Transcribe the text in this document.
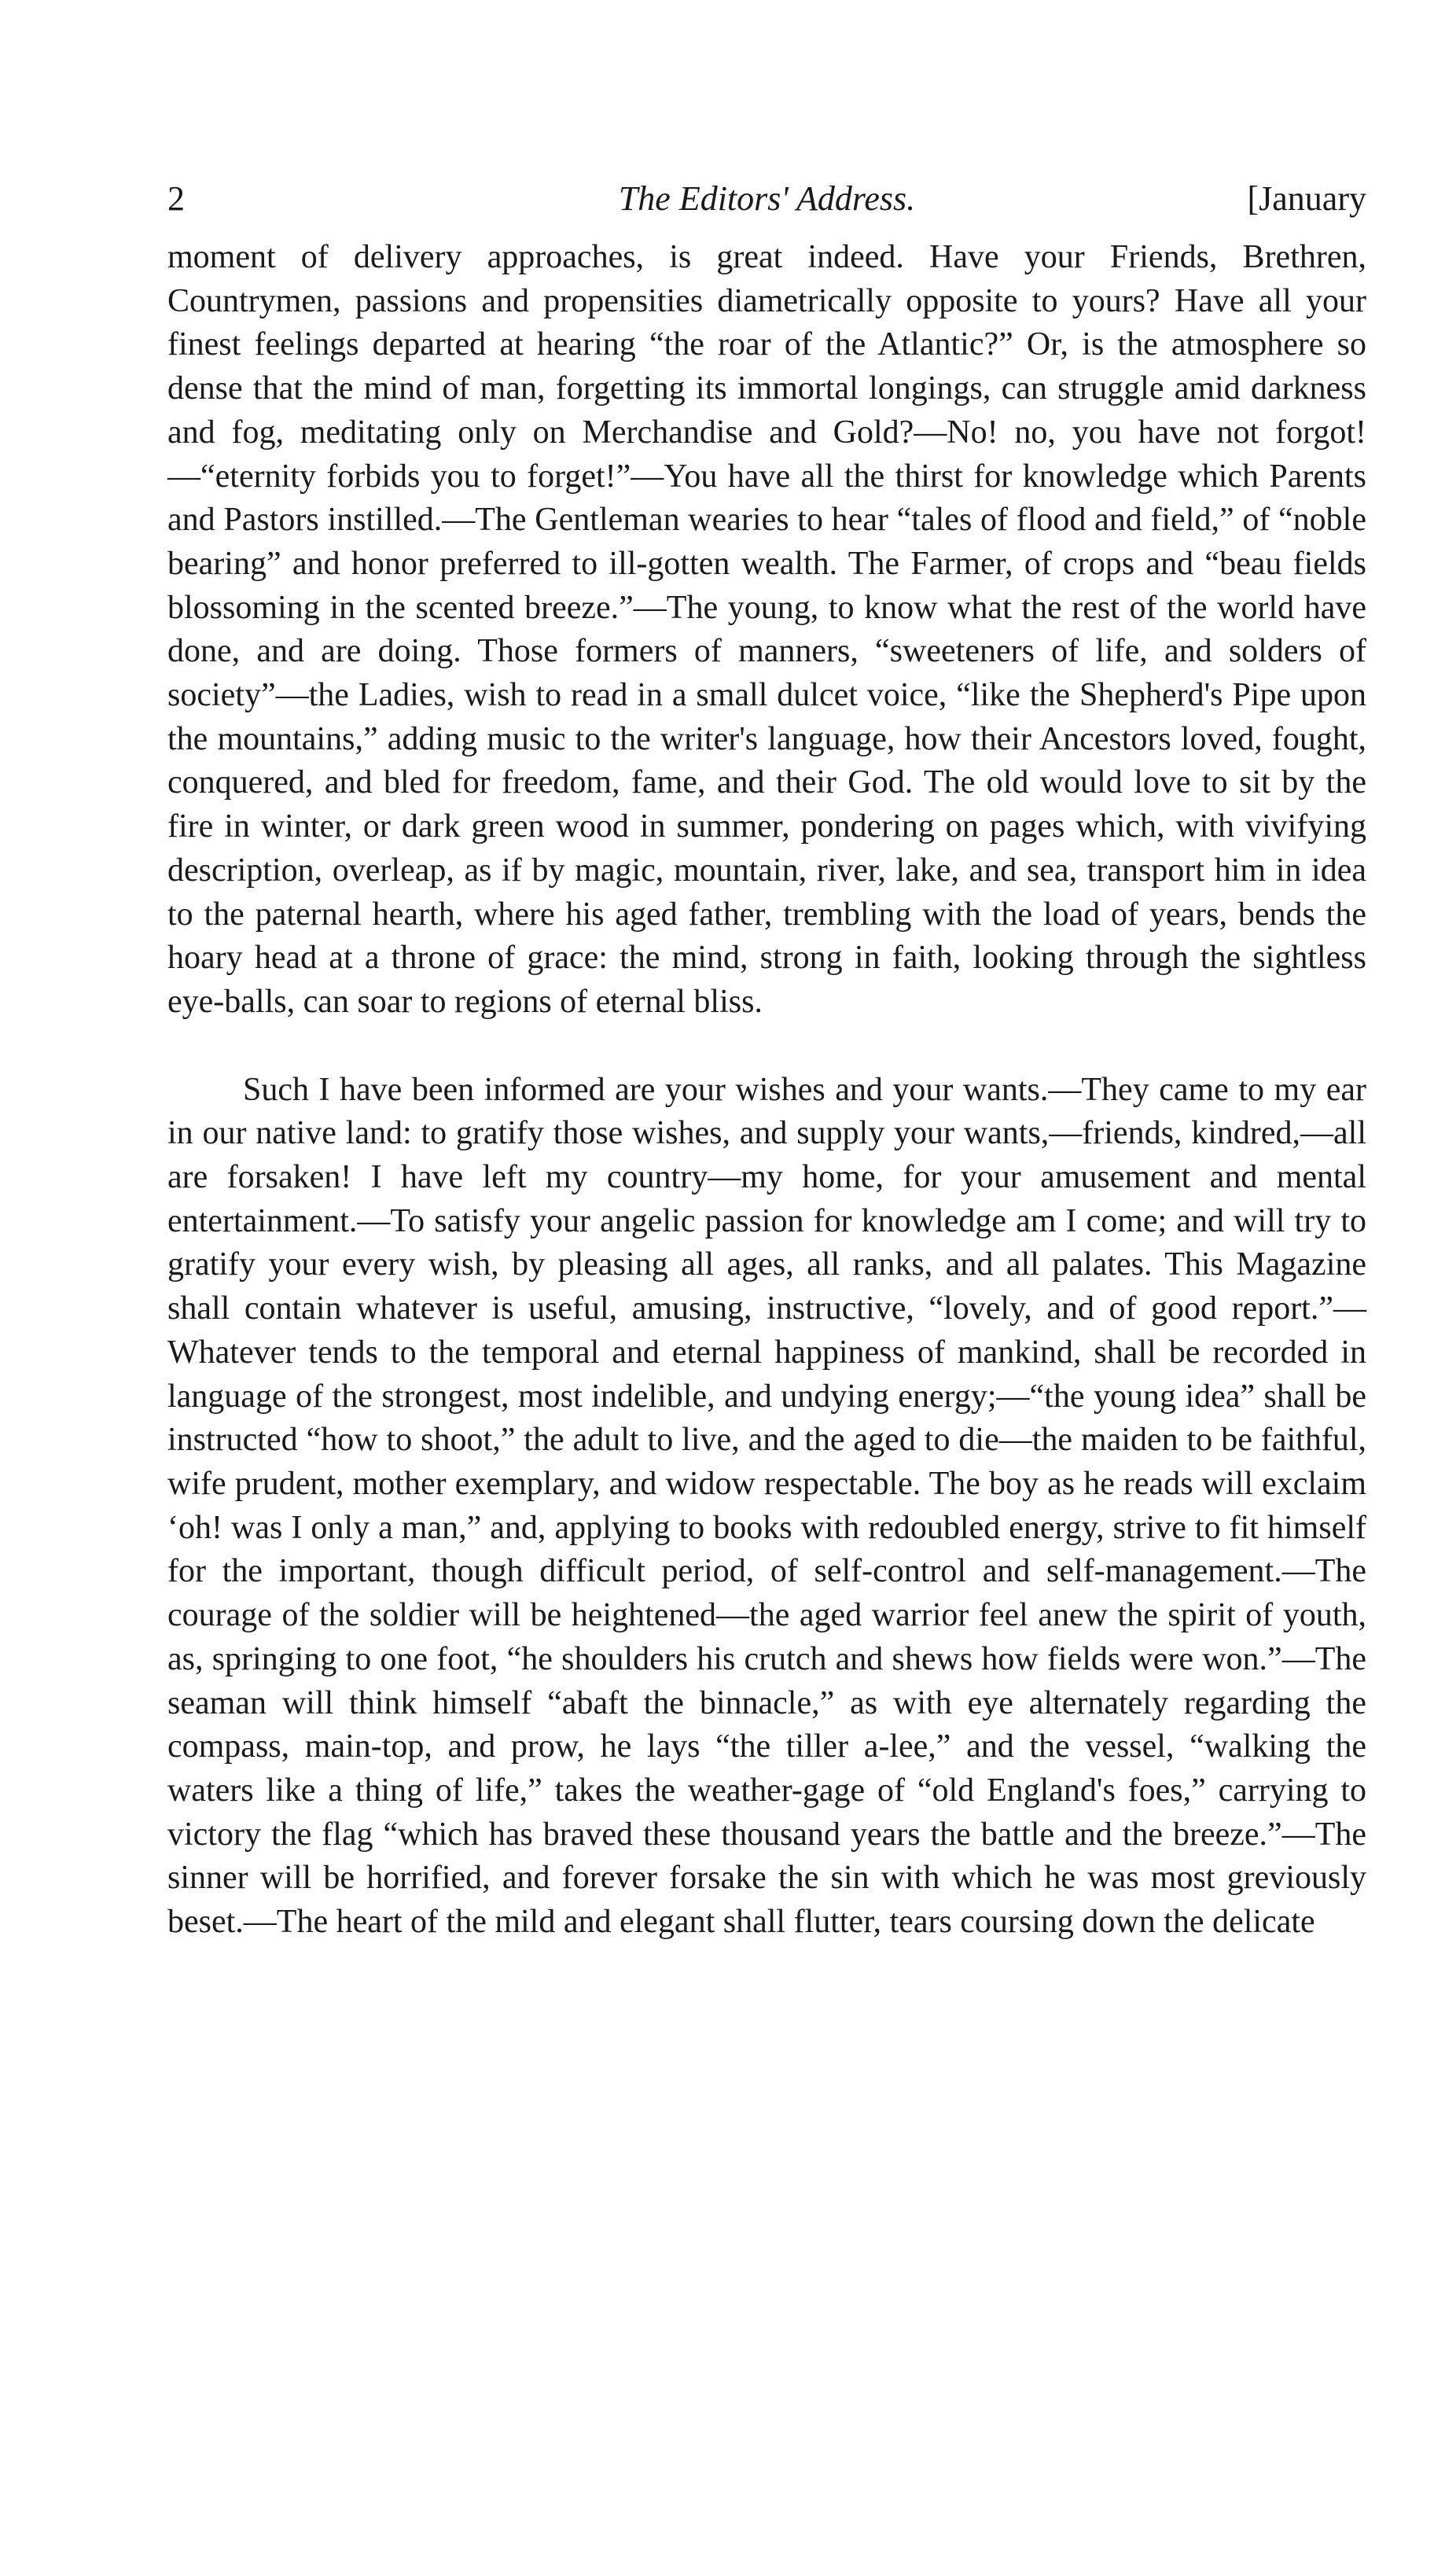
2	The Editors' Address.	[January

moment of delivery approaches, is great indeed. Have your Friends, Brethren, Countrymen, passions and propensities diametrically opposite to yours? Have all your finest feelings departed at hearing “the roar of the Atlantic?” Or, is the atmosphere so dense that the mind of man, forgetting its immortal longings, can struggle amid darkness and fog, meditating only on Merchandise and Gold?—No! no, you have not forgot!—“eternity forbids you to forget!”—You have all the thirst for knowledge which Parents and Pastors instilled.—The Gentleman wearies to hear “tales of flood and field,” of “noble bearing” and honor preferred to ill-gotten wealth. The Farmer, of crops and “beau fields blossoming in the scented breeze.”—The young, to know what the rest of the world have done, and are doing. Those formers of manners, “sweeteners of life, and solders of society”—the Ladies, wish to read in a small dulcet voice, “like the Shepherd's Pipe upon the mountains,” adding music to the writer's language, how their Ancestors loved, fought, conquered, and bled for freedom, fame, and their God. The old would love to sit by the fire in winter, or dark green wood in summer, pondering on pages which, with vivifying description, overleap, as if by magic, mountain, river, lake, and sea, transport him in idea to the paternal hearth, where his aged father, trembling with the load of years, bends the hoary head at a throne of grace: the mind, strong in faith, looking through the sightless eye-balls, can soar to regions of eternal bliss.

Such I have been informed are your wishes and your wants.—They came to my ear in our native land: to gratify those wishes, and supply your wants,—friends, kindred,—all are forsaken! I have left my country—my home, for your amusement and mental entertainment.—To satisfy your angelic passion for knowledge am I come; and will try to gratify your every wish, by pleasing all ages, all ranks, and all palates. This Magazine shall contain whatever is useful, amusing, instructive, “lovely, and of good report.”—Whatever tends to the temporal and eternal happiness of mankind, shall be recorded in language of the strongest, most indelible, and undying energy;—“the young idea” shall be instructed “how to shoot,” the adult to live, and the aged to die—the maiden to be faithful, wife prudent, mother exemplary, and widow respectable. The boy as he reads will exclaim ‘oh! was I only a man,” and, applying to books with redoubled energy, strive to fit himself for the important, though difficult period, of self-control and self-management.—The courage of the soldier will be heightened—the aged warrior feel anew the spirit of youth, as, springing to one foot, “he shoulders his crutch and shews how fields were won.”—The seaman will think himself “abaft the binnacle,” as with eye alternately regarding the compass, main-top, and prow, he lays “the tiller a-lee,” and the vessel, “walking the waters like a thing of life,” takes the weather-gage of “old England's foes,” carrying to victory the flag “which has braved these thousand years the battle and the breeze.”—The sinner will be horrified, and forever forsake the sin with which he was most greviously beset.—The heart of the mild and elegant shall flutter, tears coursing down the delicate
